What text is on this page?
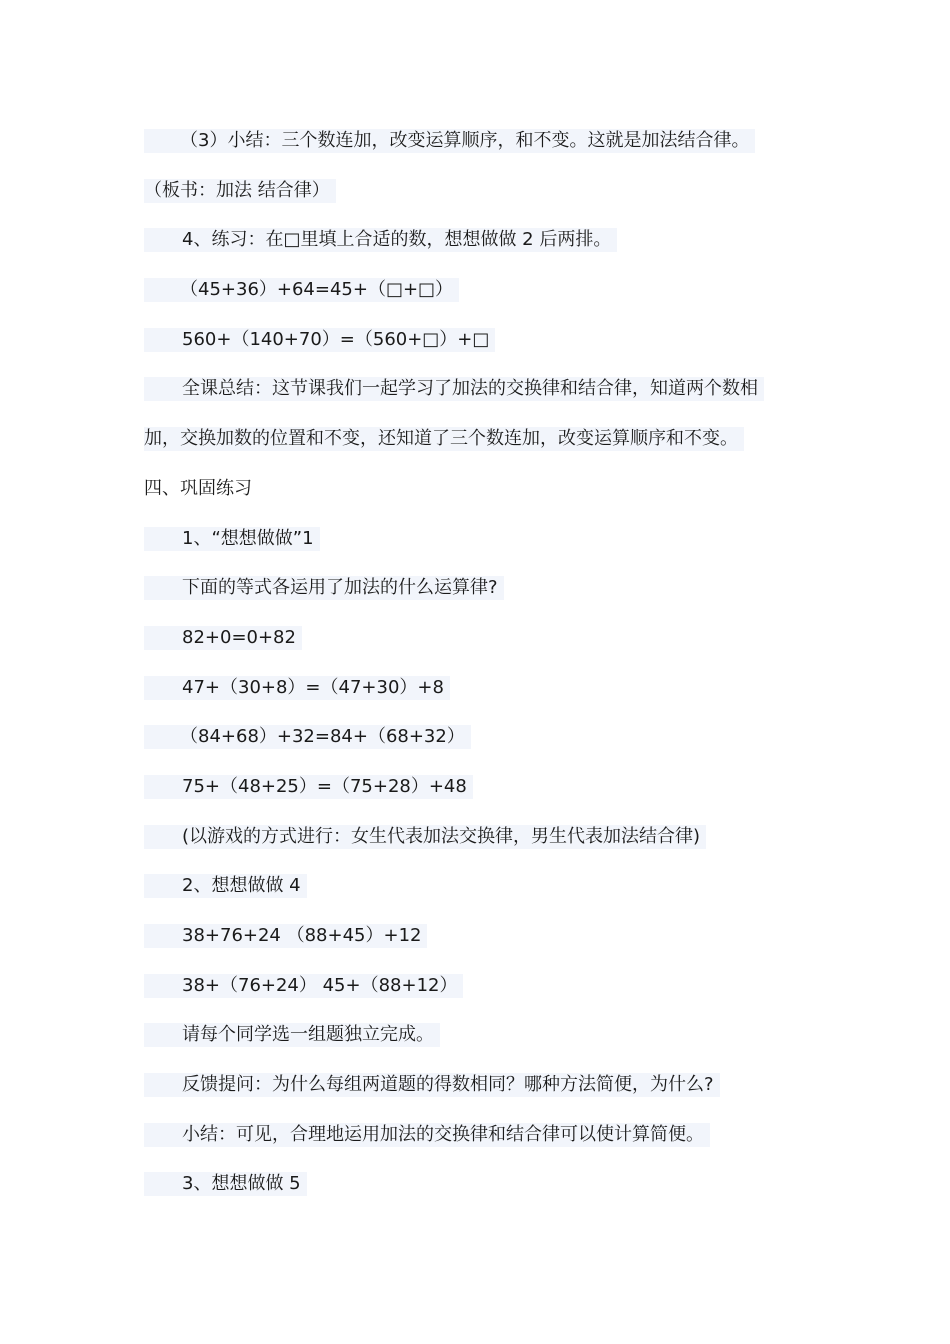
（3）小结：三个数连加，改变运算顺序，和不变。这就是加法结合律。
（板书：加法 结合律）
4、练习：在□里填上合适的数，想想做做 2 后两排。
（45+36）+64=45+（□+□）
560+（140+70）=（560+□）+□
全课总结：这节课我们一起学习了加法的交换律和结合律，知道两个数相
加，交换加数的位置和不变，还知道了三个数连加，改变运算顺序和不变。
四、巩固练习
1、“想想做做”1
下面的等式各运用了加法的什么运算律?
82+0=0+82
47+（30+8）=（47+30）+8
（84+68）+32=84+（68+32）
75+（48+25）=（75+28）+48
(以游戏的方式进行：女生代表加法交换律，男生代表加法结合律)
2、想想做做 4
38+76+24 （88+45）+12
38+（76+24） 45+（88+12）
请每个同学选一组题独立完成。
反馈提问：为什么每组两道题的得数相同？哪种方法简便，为什么?
小结：可见，合理地运用加法的交换律和结合律可以使计算简便。
3、想想做做 5
